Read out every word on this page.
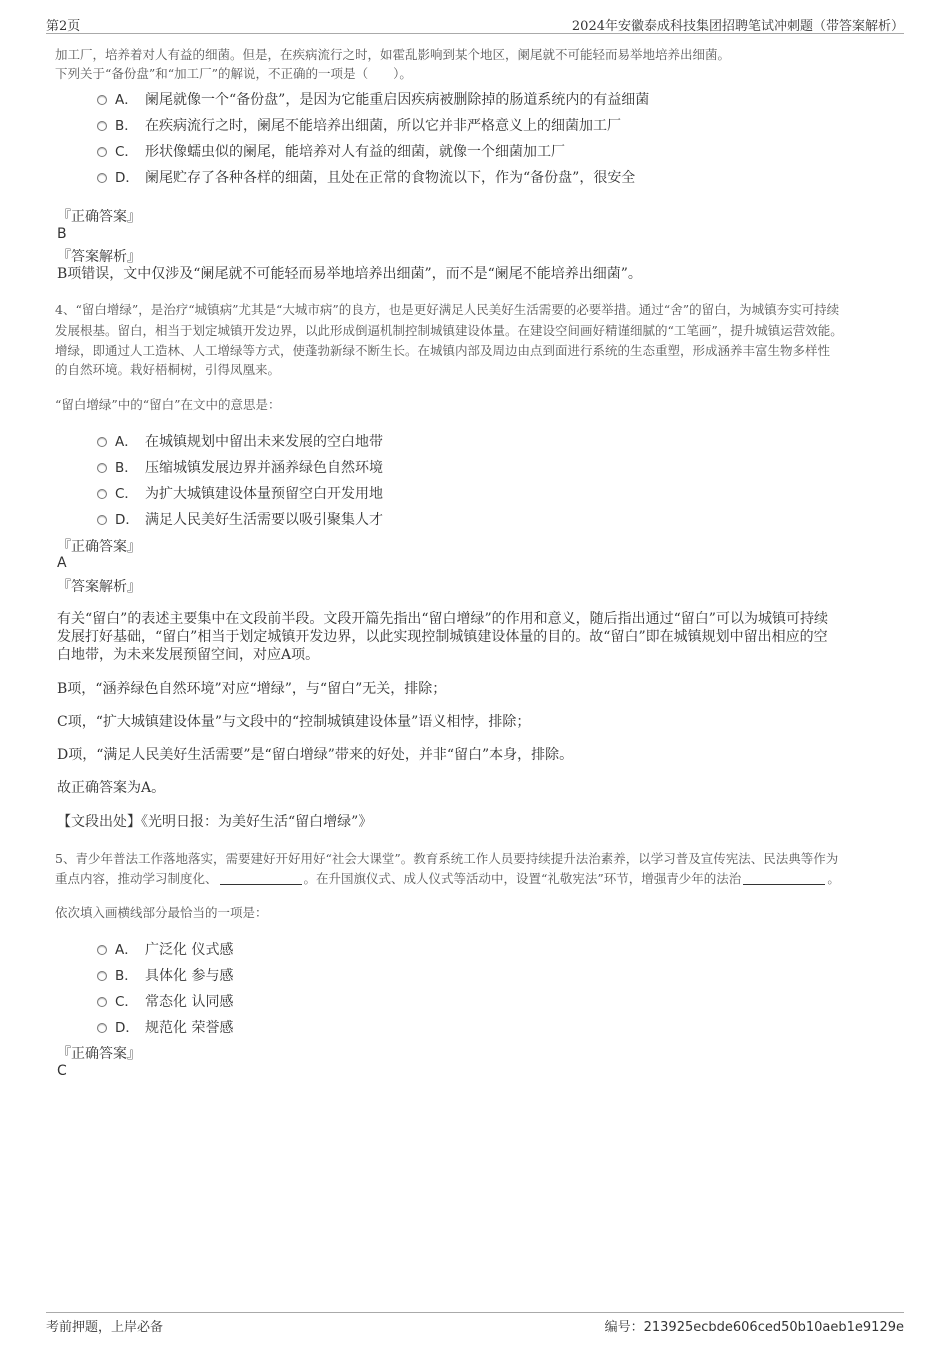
第2页	2024年安徽泰成科技集团招聘笔试冲刺题（带答案解析）
加工厂，培养着对人有益的细菌。但是，在疾病流行之时，如霍乱影响到某个地区，阑尾就不可能轻而易举地培养出细菌。
下列关于“备份盘”和“加工厂”的解说，不正确的一项是（　　）。
A． 阑尾就像一个“备份盘”，是因为它能重启因疾病被删除掉的肠道系统内的有益细菌
B． 在疾病流行之时，阑尾不能培养出细菌，所以它并非严格意义上的细菌加工厂
C． 形状像蠕虫似的阑尾，能培养对人有益的细菌，就像一个细菌加工厂
D． 阑尾贮存了各种各样的细菌，且处在正常的食物流以下，作为“备份盘”，很安全
『正确答案』
B
『答案解析』
B项错误，文中仅涉及“阑尾就不可能轻而易举地培养出细菌”，而不是“阑尾不能培养出细菌”。
4、“留白增绿”，是治疗“城镇病”尤其是“大城市病”的良方，也是更好满足人民美好生活需要的必要举措。通过“舍”的留白，为城镇夯实可持续
发展根基。留白，相当于划定城镇开发边界，以此形成倒逼机制控制城镇建设体量。在建设空间画好精谨细腻的“工笔画”，提升城镇运营效能。
增绿，即通过人工造林、人工增绿等方式，使蓬勃新绿不断生长。在城镇内部及周边由点到面进行系统的生态重塑，形成涵养丰富生物多样性
的自然环境。栽好梧桐树，引得凤凰来。
“留白增绿”中的“留白”在文中的意思是：
A． 在城镇规划中留出未来发展的空白地带
B． 压缩城镇发展边界并涵养绿色自然环境
C． 为扩大城镇建设体量预留空白开发用地
D． 满足人民美好生活需要以吸引聚集人才
『正确答案』
A
『答案解析』
有关“留白”的表述主要集中在文段前半段。文段开篇先指出“留白增绿”的作用和意义，随后指出通过“留白”可以为城镇可持续
发展打好基础，“留白”相当于划定城镇开发边界，以此实现控制城镇建设体量的目的。故“留白”即在城镇规划中留出相应的空
白地带，为未来发展预留空间，对应A项。
B项，“涵养绿色自然环境”对应“增绿”，与“留白”无关，排除；
C项，“扩大城镇建设体量”与文段中的“控制城镇建设体量”语义相悖，排除；
D项，“满足人民美好生活需要”是“留白增绿”带来的好处，并非“留白”本身，排除。
故正确答案为A。
【文段出处】《光明日报：为美好生活“留白增绿”》
5、青少年普法工作落地落实，需要建好开好用好“社会大课堂”。教育系统工作人员要持续提升法治素养，以学习普及宣传宪法、民法典等作为
重点内容，推动学习制度化、	。在升国旗仪式、成人仪式等活动中，设置“礼敬宪法”环节，增强青少年的法治	。
依次填入画横线部分最恰当的一项是：
A． 广泛化 仪式感
B． 具体化 参与感
C． 常态化 认同感
D． 规范化 荣誉感
『正确答案』
C
考前押题，上岸必备	编号：213925ecbde606ced50b10aeb1e9129e
